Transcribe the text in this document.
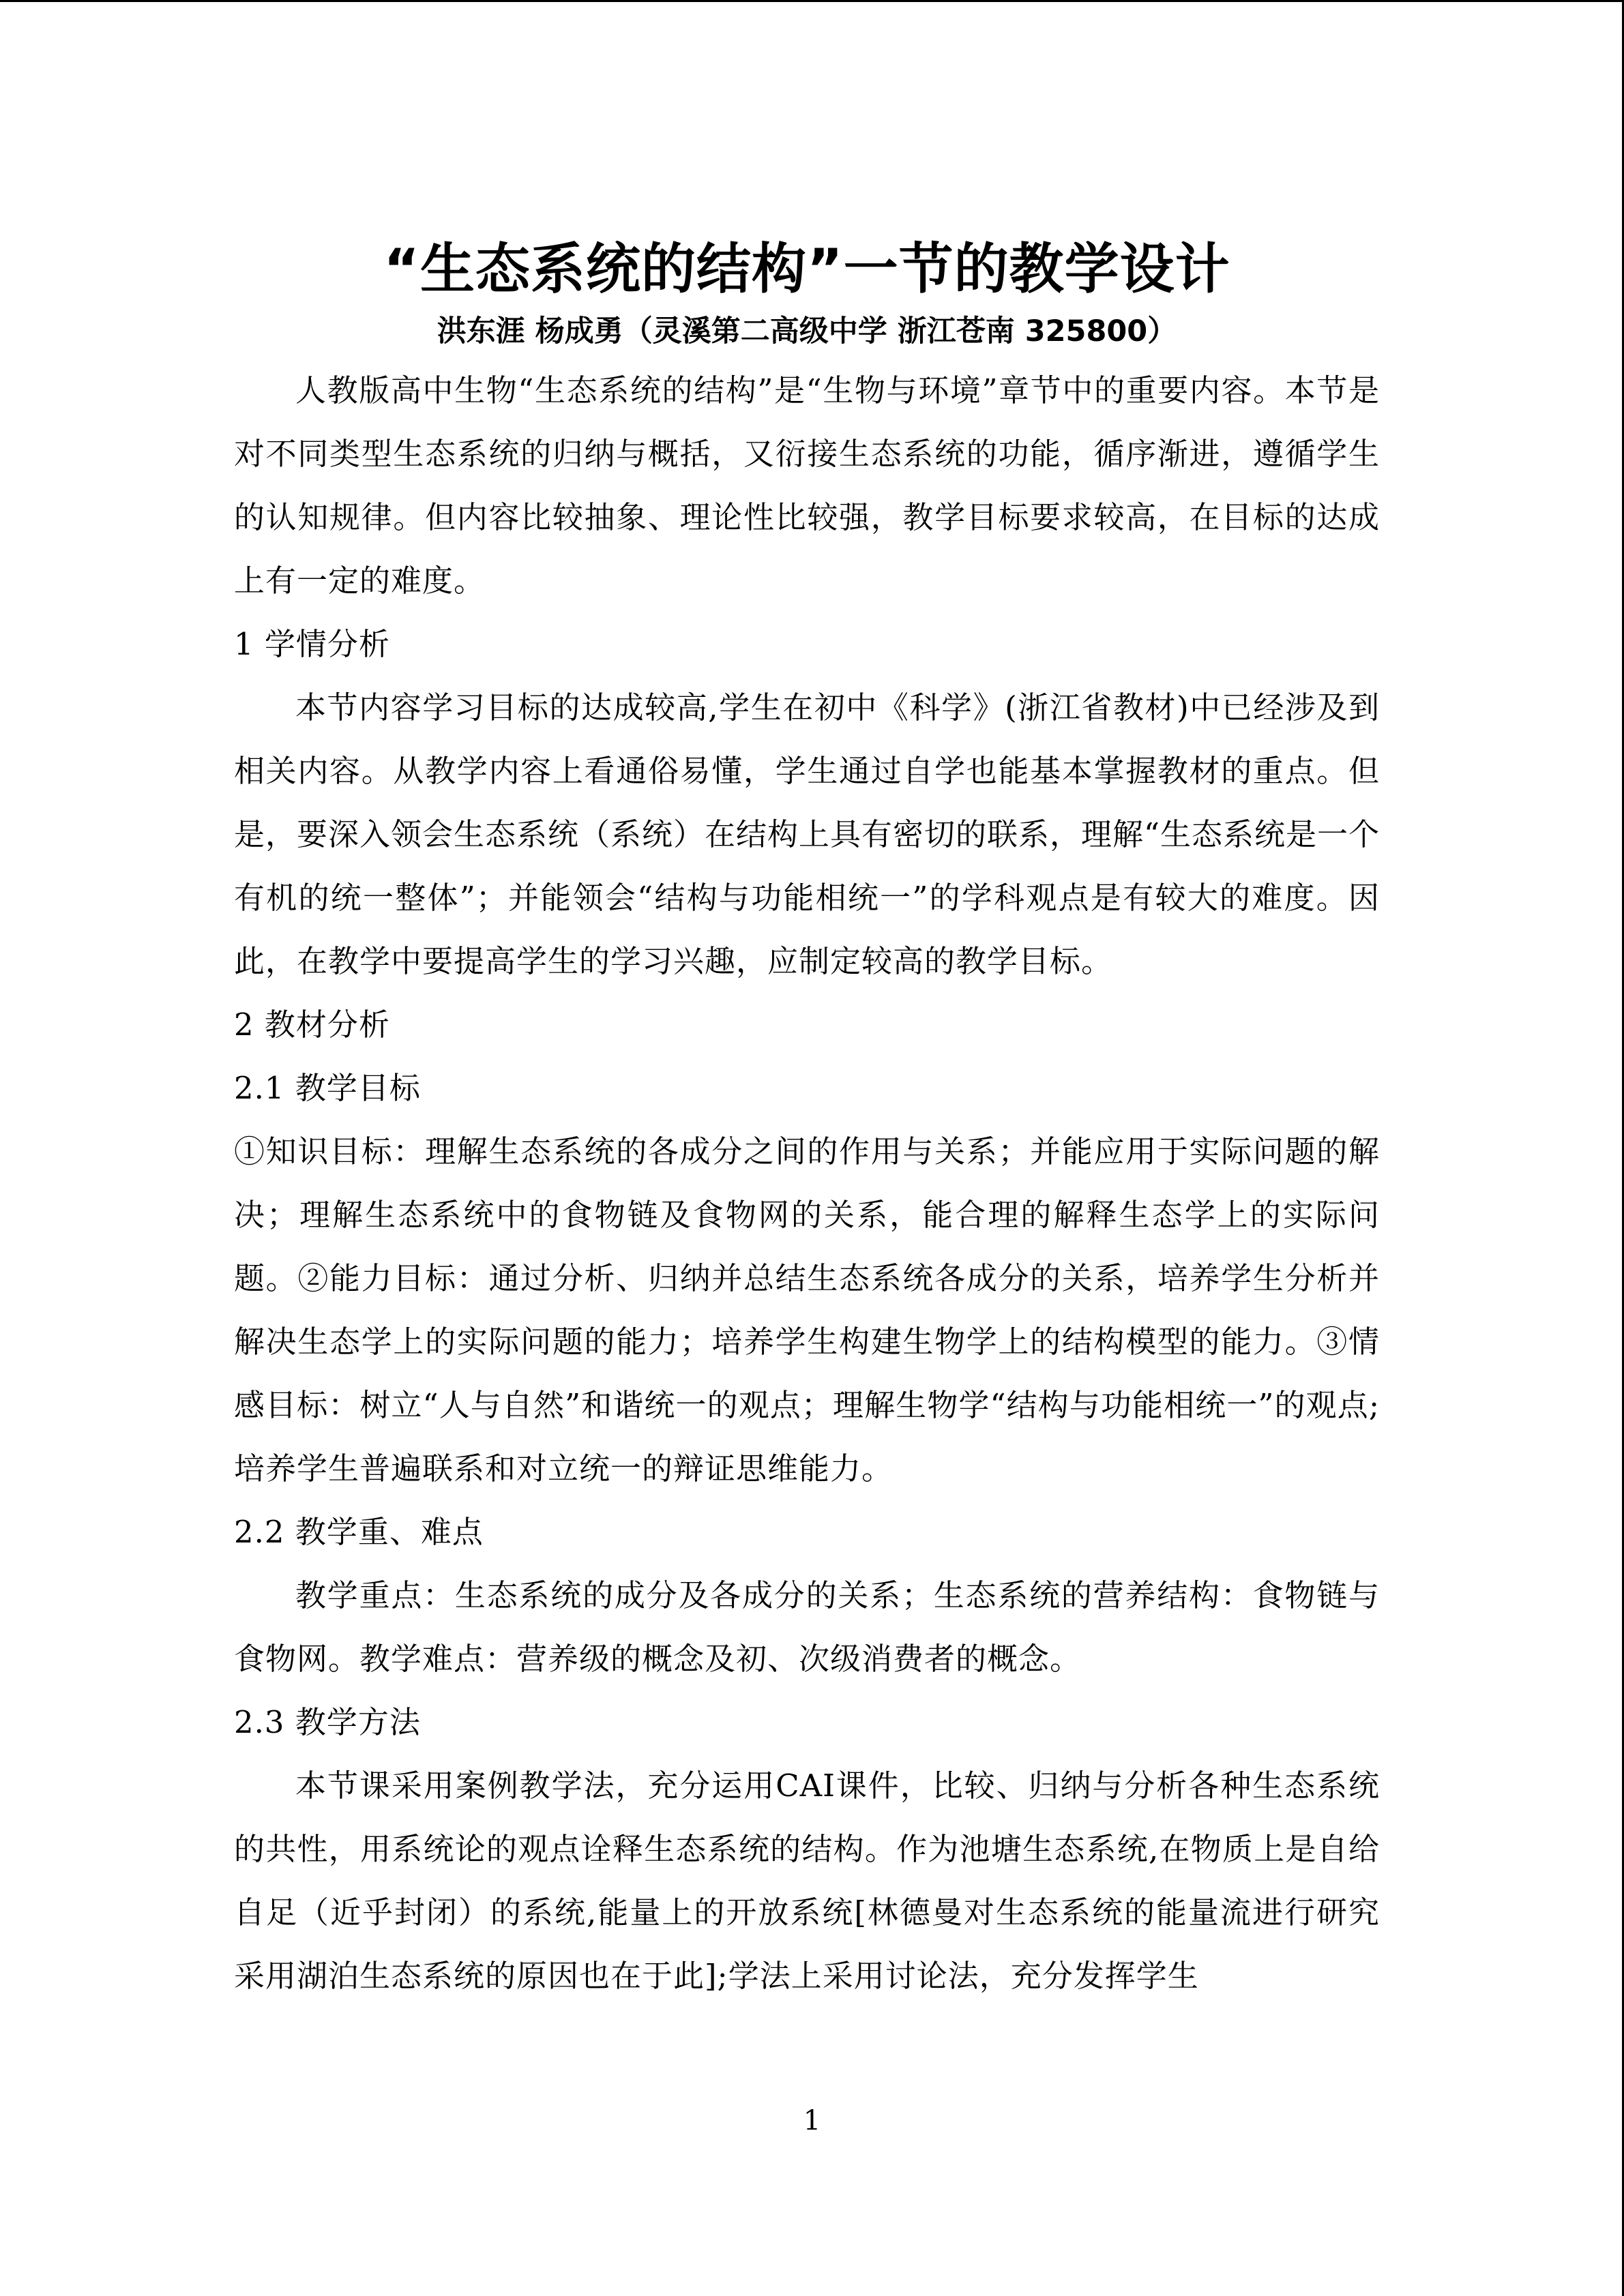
“生态系统的结构”一节的教学设计

洪东涯 杨成勇（灵溪第二高级中学 浙江苍南 325800）

人教版高中生物“生态系统的结构”是“生物与环境”章节中的重要内容。本节是对不同类型生态系统的归纳与概括，又衍接生态系统的功能，循序渐进，遵循学生的认知规律。但内容比较抽象、理论性比较强，教学目标要求较高，在目标的达成上有一定的难度。

1 学情分析

本节内容学习目标的达成较高,学生在初中《科学》(浙江省教材)中已经涉及到相关内容。从教学内容上看通俗易懂，学生通过自学也能基本掌握教材的重点。但是，要深入领会生态系统（系统）在结构上具有密切的联系，理解“生态系统是一个有机的统一整体”；并能领会“结构与功能相统一”的学科观点是有较大的难度。因此，在教学中要提高学生的学习兴趣，应制定较高的教学目标。

2 教材分析

2.1 教学目标

①知识目标：理解生态系统的各成分之间的作用与关系；并能应用于实际问题的解决；理解生态系统中的食物链及食物网的关系，能合理的解释生态学上的实际问题。②能力目标：通过分析、归纳并总结生态系统各成分的关系，培养学生分析并解决生态学上的实际问题的能力；培养学生构建生物学上的结构模型的能力。③情感目标：树立“人与自然”和谐统一的观点；理解生物学“结构与功能相统一”的观点;培养学生普遍联系和对立统一的辩证思维能力。

2.2 教学重、难点

教学重点：生态系统的成分及各成分的关系；生态系统的营养结构：食物链与食物网。教学难点：营养级的概念及初、次级消费者的概念。

2.3 教学方法

本节课采用案例教学法，充分运用CAI课件，比较、归纳与分析各种生态系统的共性，用系统论的观点诠释生态系统的结构。作为池塘生态系统,在物质上是自给自足（近乎封闭）的系统,能量上的开放系统[林德曼对生态系统的能量流进行研究采用湖泊生态系统的原因也在于此];学法上采用讨论法，充分发挥学生

1
